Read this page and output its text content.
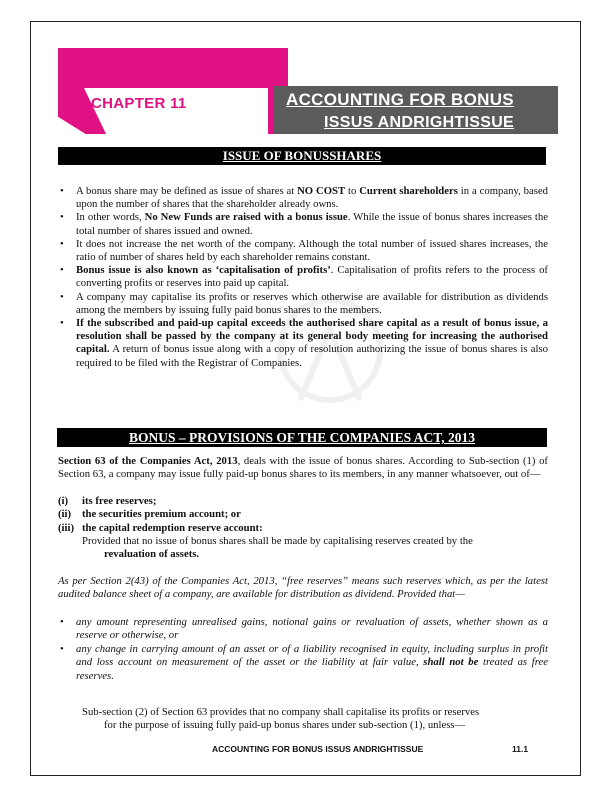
CHAPTER 11	ACCOUNTING FOR BONUS
ISSUS ANDRIGHTISSUE
ISSUE OF BONUSSHARES
• A bonus share may be defined as issue of shares at NO COST to Current shareholders in a company, based upon the number of shares that the shareholder already owns.
• In other words, No New Funds are raised with a bonus issue. While the issue of bonus shares increases the total number of shares issued and owned.
• It does not increase the net worth of the company. Although the total number of issued shares increases, the ratio of number of shares held by each shareholder remains constant.
• Bonus issue is also known as ‘capitalisation of profits’. Capitalisation of profits refers to the process of converting profits or reserves into paid up capital.
• A company may capitalise its profits or reserves which otherwise are available for distribution as dividends among the members by issuing fully paid bonus shares to the members.
• If the subscribed and paid-up capital exceeds the authorised share capital as a result of bonus issue, a resolution shall be passed by the company at its general body meeting for increasing the authorised capital. A return of bonus issue along with a copy of resolution authorizing the issue of bonus shares is also required to be filed with the Registrar of Companies.
BONUS – PROVISIONS OF THE COMPANIES ACT, 2013

Section 63 of the Companies Act, 2013, deals with the issue of bonus shares. According to Sub-section (1) of Section 63, a company may issue fully paid-up bonus shares to its members, in any manner whatsoever, out of—

(i)	its free reserves;
(ii)	the securities premium account; or
(iii) the capital redemption reserve account:
Provided that no issue of bonus shares shall be made by capitalising reserves created by the
revaluation of assets.
As per Section 2(43) of the Companies Act, 2013, “free reserves” means such reserves which, as per the latest audited balance sheet of a company, are available for distribution as dividend. Provided that—
• any amount representing unrealised gains, notional gains or revaluation of assets, whether shown as a reserve or otherwise, or
• any change in carrying amount of an asset or of a liability recognised in equity, including surplus in profit and loss account on measurement of the asset or the liability at fair value, shall not be treated as free reserves.
Sub-section (2) of Section 63 provides that no company shall capitalise its profits or reserves
for the purpose of issuing fully paid-up bonus shares under sub-section (1), unless—
ACCOUNTING FOR BONUS ISSUS ANDRIGHTISSUE	11.1
